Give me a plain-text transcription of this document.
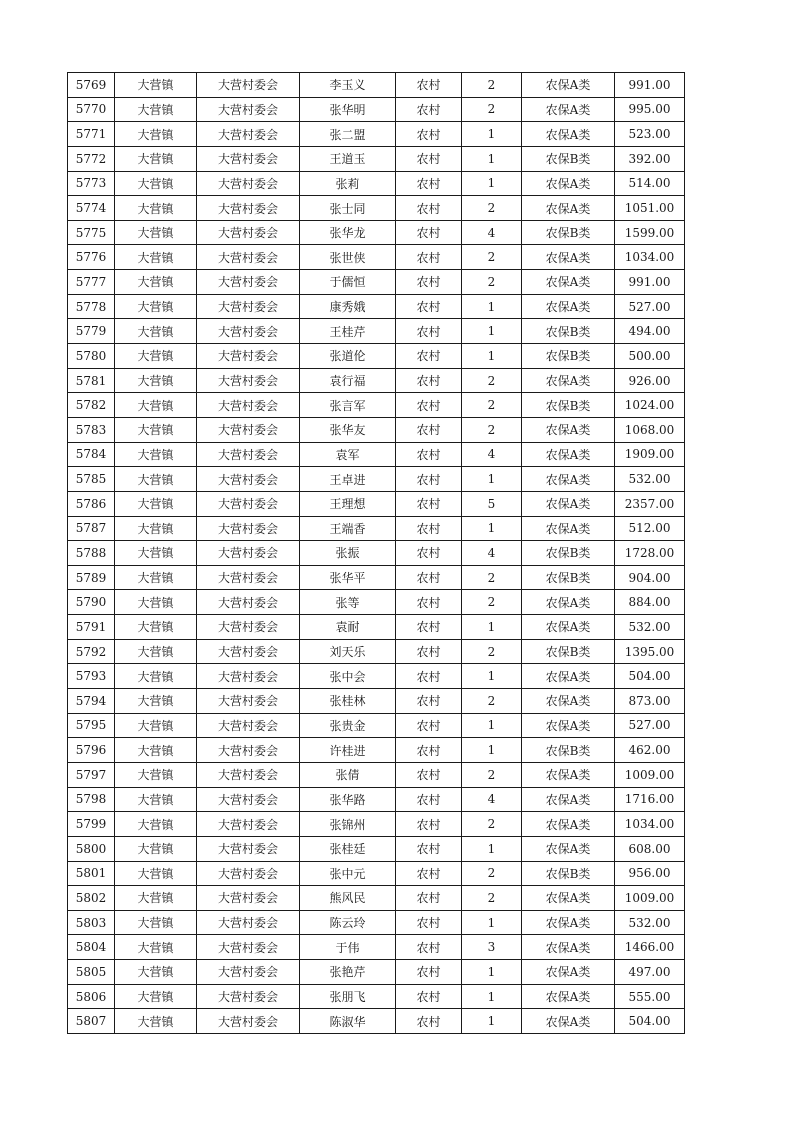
5769	大营镇	大营村委会	李玉义	农村	2	农保A类	991.00
5770	大营镇	大营村委会	张华明	农村	2	农保A类	995.00
5771	大营镇	大营村委会	张二盟	农村	1	农保A类	523.00
5772	大营镇	大营村委会	王道玉	农村	1	农保B类	392.00
5773	大营镇	大营村委会	张莉	农村	1	农保A类	514.00
5774	大营镇	大营村委会	张士同	农村	2	农保A类	1051.00
5775	大营镇	大营村委会	张华龙	农村	4	农保B类	1599.00
5776	大营镇	大营村委会	张世侠	农村	2	农保A类	1034.00
5777	大营镇	大营村委会	于儒恒	农村	2	农保A类	991.00
5778	大营镇	大营村委会	康秀娥	农村	1	农保A类	527.00
5779	大营镇	大营村委会	王桂芹	农村	1	农保B类	494.00
5780	大营镇	大营村委会	张道伦	农村	1	农保B类	500.00
5781	大营镇	大营村委会	袁行福	农村	2	农保A类	926.00
5782	大营镇	大营村委会	张言军	农村	2	农保B类	1024.00
5783	大营镇	大营村委会	张华友	农村	2	农保A类	1068.00
5784	大营镇	大营村委会	袁军	农村	4	农保A类	1909.00
5785	大营镇	大营村委会	王卓进	农村	1	农保A类	532.00
5786	大营镇	大营村委会	王理想	农村	5	农保A类	2357.00
5787	大营镇	大营村委会	王端香	农村	1	农保A类	512.00
5788	大营镇	大营村委会	张振	农村	4	农保B类	1728.00
5789	大营镇	大营村委会	张华平	农村	2	农保B类	904.00
5790	大营镇	大营村委会	张等	农村	2	农保A类	884.00
5791	大营镇	大营村委会	袁耐	农村	1	农保A类	532.00
5792	大营镇	大营村委会	刘天乐	农村	2	农保B类	1395.00
5793	大营镇	大营村委会	张中会	农村	1	农保A类	504.00
5794	大营镇	大营村委会	张桂林	农村	2	农保A类	873.00
5795	大营镇	大营村委会	张贵金	农村	1	农保A类	527.00
5796	大营镇	大营村委会	许桂进	农村	1	农保B类	462.00
5797	大营镇	大营村委会	张倩	农村	2	农保A类	1009.00
5798	大营镇	大营村委会	张华路	农村	4	农保A类	1716.00
5799	大营镇	大营村委会	张锦州	农村	2	农保A类	1034.00
5800	大营镇	大营村委会	张桂廷	农村	1	农保A类	608.00
5801	大营镇	大营村委会	张中元	农村	2	农保B类	956.00
5802	大营镇	大营村委会	熊风民	农村	2	农保A类	1009.00
5803	大营镇	大营村委会	陈云玲	农村	1	农保A类	532.00
5804	大营镇	大营村委会	于伟	农村	3	农保A类	1466.00
5805	大营镇	大营村委会	张艳芹	农村	1	农保A类	497.00
5806	大营镇	大营村委会	张朋飞	农村	1	农保A类	555.00
5807	大营镇	大营村委会	陈淑华	农村	1	农保A类	504.00
